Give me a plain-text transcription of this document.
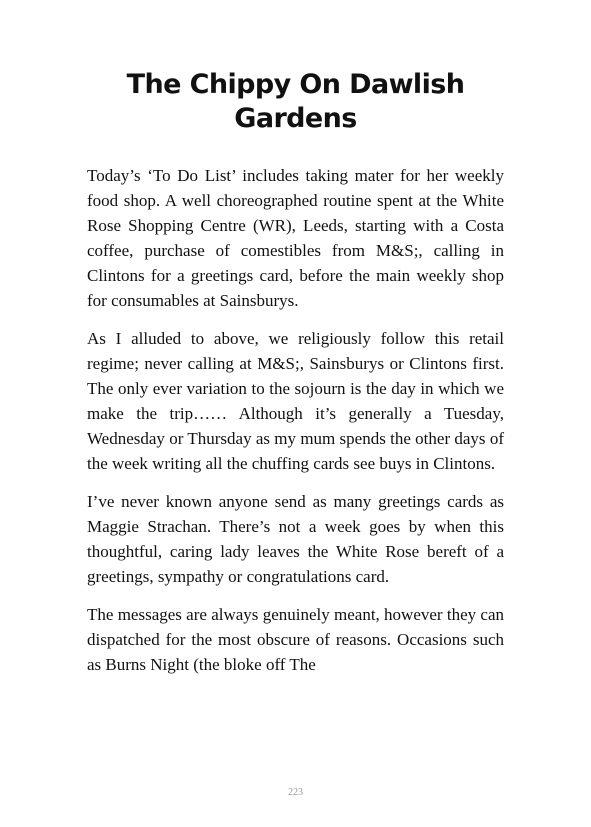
The Chippy On Dawlish Gardens

Today’s ‘To Do List’ includes taking mater for her weekly food shop. A well choreographed routine spent at the White Rose Shopping Centre (WR), Leeds, starting with a Costa coffee, purchase of comestibles from M&S;, calling in Clintons for a greetings card, before the main weekly shop for consumables at Sainsburys.

As I alluded to above, we religiously follow this retail regime; never calling at M&S;, Sainsburys or Clintons first. The only ever variation to the sojourn is the day in which we make the trip…… Although it’s generally a Tuesday, Wednesday or Thursday as my mum spends the other days of the week writing all the chuffing cards see buys in Clintons.

I’ve never known anyone send as many greetings cards as Maggie Strachan. There’s not a week goes by when this thoughtful, caring lady leaves the White Rose bereft of a greetings, sympathy or congratulations card.

The messages are always genuinely meant, however they can dispatched for the most obscure of reasons. Occasions such as Burns Night (the bloke off The

223
